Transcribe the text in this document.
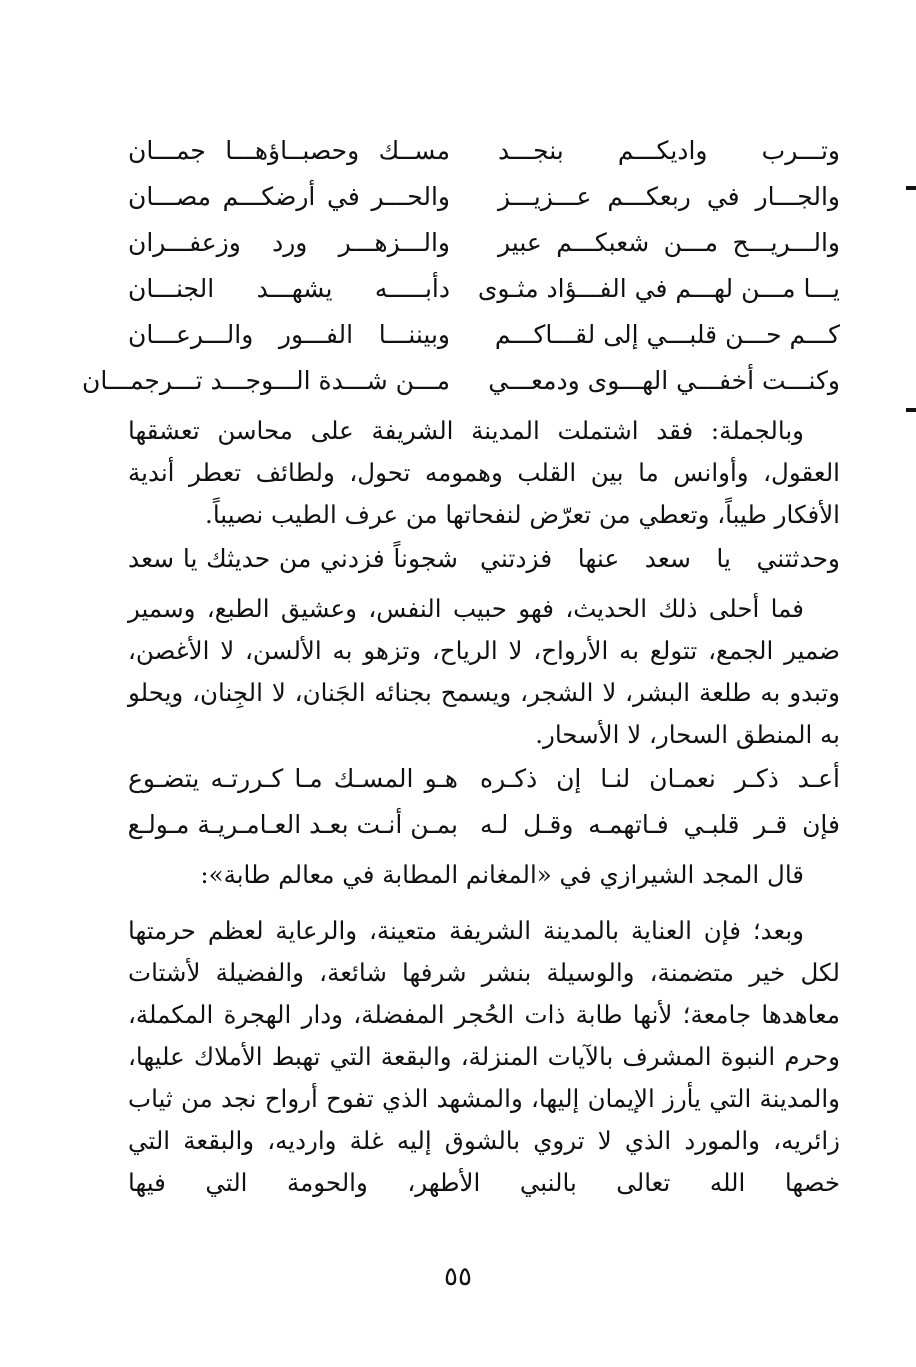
وتـــرب واديكـــم بنجـــد
مســك وحصبــاؤهـــا جمـــان
والجـــار في ربعكـــم عـــزيـــز
والحـــر في أرضكـــم مصـــان
والـــريـــح مـــن شعبكـــم عبير
والـــزهـــر ورد وزعفـــران
يـــا مـــن لهـــم في الفـــؤاد مثـوى
دأبـــــه يشهـــد الجنـــان
كـــم حـــن قلبـــي إلى لقـــاكـــم
وبيننـــا الفـــور والـــرعـــان
وكنـــت أخفـــي الهـــوى ودمعـــي
مـــن شـــدة الـــوجـــد تـــرجمـــان

وبالجملة: فقد اشتملت المدينة الشريفة على محاسن تعشقها العقول، وأوانس ما بين القلب وهمومه تحول، ولطائف تعطر أندية الأفكار طيباً، وتعطي من تعرّض لنفحاتها من عرف الطيب نصيباً.

وحدثتني يا سعد عنها فزدتني
شجوناً فزدني من حديثك يا سعد

فما أحلى ذلك الحديث، فهو حبيب النفس، وعشيق الطبع، وسمير ضمير الجمع، تتولع به الأرواح، لا الرياح، وتزهو به الألسن، لا الأغصن، وتبدو به طلعة البشر، لا الشجر، ويسمح بجنائه الجَنان، لا الجِنان، ويحلو به المنطق السحار، لا الأسحار.

أعـد ذكـر نعمـان لنـا إن ذكـره
هـو المسـك مـا كـررتـه يتضـوع
فإن قـر قلبـي فـاتهمـه وقـل لـه
بمـن أنـت بعـد العـامـريـة مـولـع

قال المجد الشيرازي في «المغانم المطابة في معالم طابة»:

وبعد؛ فإن العناية بالمدينة الشريفة متعينة، والرعاية لعظم حرمتها لكل خير متضمنة، والوسيلة بنشر شرفها شائعة، والفضيلة لأشتات معاهدها جامعة؛ لأنها طابة ذات الحُجر المفضلة، ودار الهجرة المكملة، وحرم النبوة المشرف بالآيات المنزلة، والبقعة التي تهبط الأملاك عليها، والمدينة التي يأرز الإيمان إليها، والمشهد الذي تفوح أرواح نجد من ثياب زائريه، والمورد الذي لا تروي بالشوق إليه غلة وارديه، والبقعة التي خصها الله تعالى بالنبي الأطهر، والحومة التي فيها

٥٥
